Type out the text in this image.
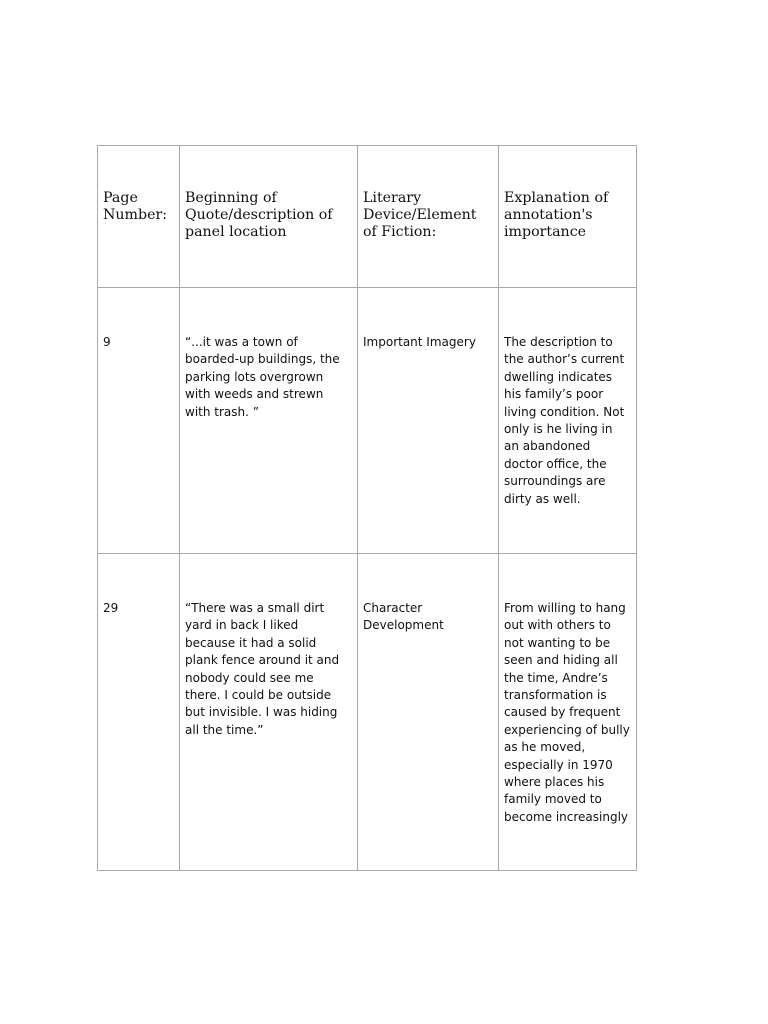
Page Number:	Beginning of Quote/description of panel location	Literary Device/Element of Fiction:	Explanation of annotation's importance
9	“...it was a town of boarded-up buildings, the parking lots overgrown with weeds and strewn with trash. ”	Important Imagery	The description to the author’s current dwelling indicates his family’s poor living condition. Not only is he living in an abandoned doctor office, the surroundings are dirty as well.
29	“There was a small dirt yard in back I liked because it had a solid plank fence around it and nobody could see me there. I could be outside but invisible. I was hiding all the time.”	Character Development	From willing to hang out with others to not wanting to be seen and hiding all the time, Andre’s transformation is caused by frequent experiencing of bully as he moved, especially in 1970 where places his family moved to become increasingly
